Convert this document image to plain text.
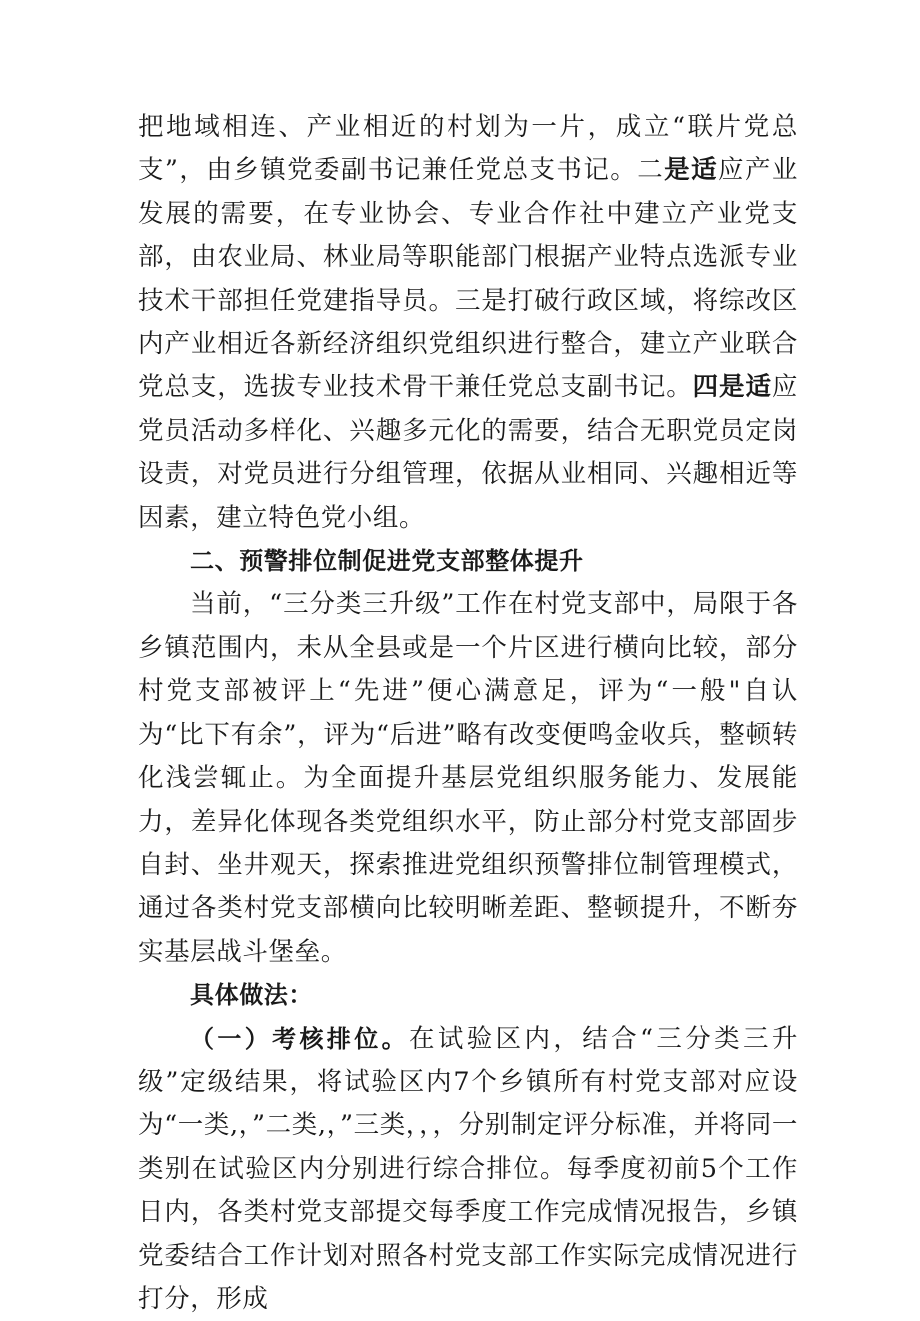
把地域相连、产业相近的村划为一片，成立“联片党总支”，由乡镇党委副书记兼任党总支书记。二是适应产业发展的需要，在专业协会、专业合作社中建立产业党支部，由农业局、林业局等职能部门根据产业特点选派专业技术干部担任党建指导员。三是打破行政区域，将综改区内产业相近各新经济组织党组织进行整合，建立产业联合党总支，选拔专业技术骨干兼任党总支副书记。四是适应党员活动多样化、兴趣多元化的需要，结合无职党员定岗设责，对党员进行分组管理，依据从业相同、兴趣相近等因素，建立特色党小组。

二、预警排位制促进党支部整体提升

当前，“三分类三升级”工作在村党支部中，局限于各乡镇范围内，未从全县或是一个片区进行横向比较，部分村党支部被评上“先进”便心满意足，评为“一般"自认为“比下有余”，评为“后进”略有改变便鸣金收兵，整顿转化浅尝辄止。为全面提升基层党组织服务能力、发展能力，差异化体现各类党组织水平，防止部分村党支部固步自封、坐井观天，探索推进党组织预警排位制管理模式，通过各类村党支部横向比较明晰差距、整顿提升，不断夯实基层战斗堡垒。

具体做法：

（一）考核排位。在试验区内，结合“三分类三升级”定级结果，将试验区内7个乡镇所有村党支部对应设为“一类,，”二类,，”三类，，，分别制定评分标准，并将同一类别在试验区内分别进行综合排位。每季度初前5个工作日内，各类村党支部提交每季度工作完成情况报告，乡镇党委结合工作计划对照各村党支部工作实际完成情况进行打分，形成
